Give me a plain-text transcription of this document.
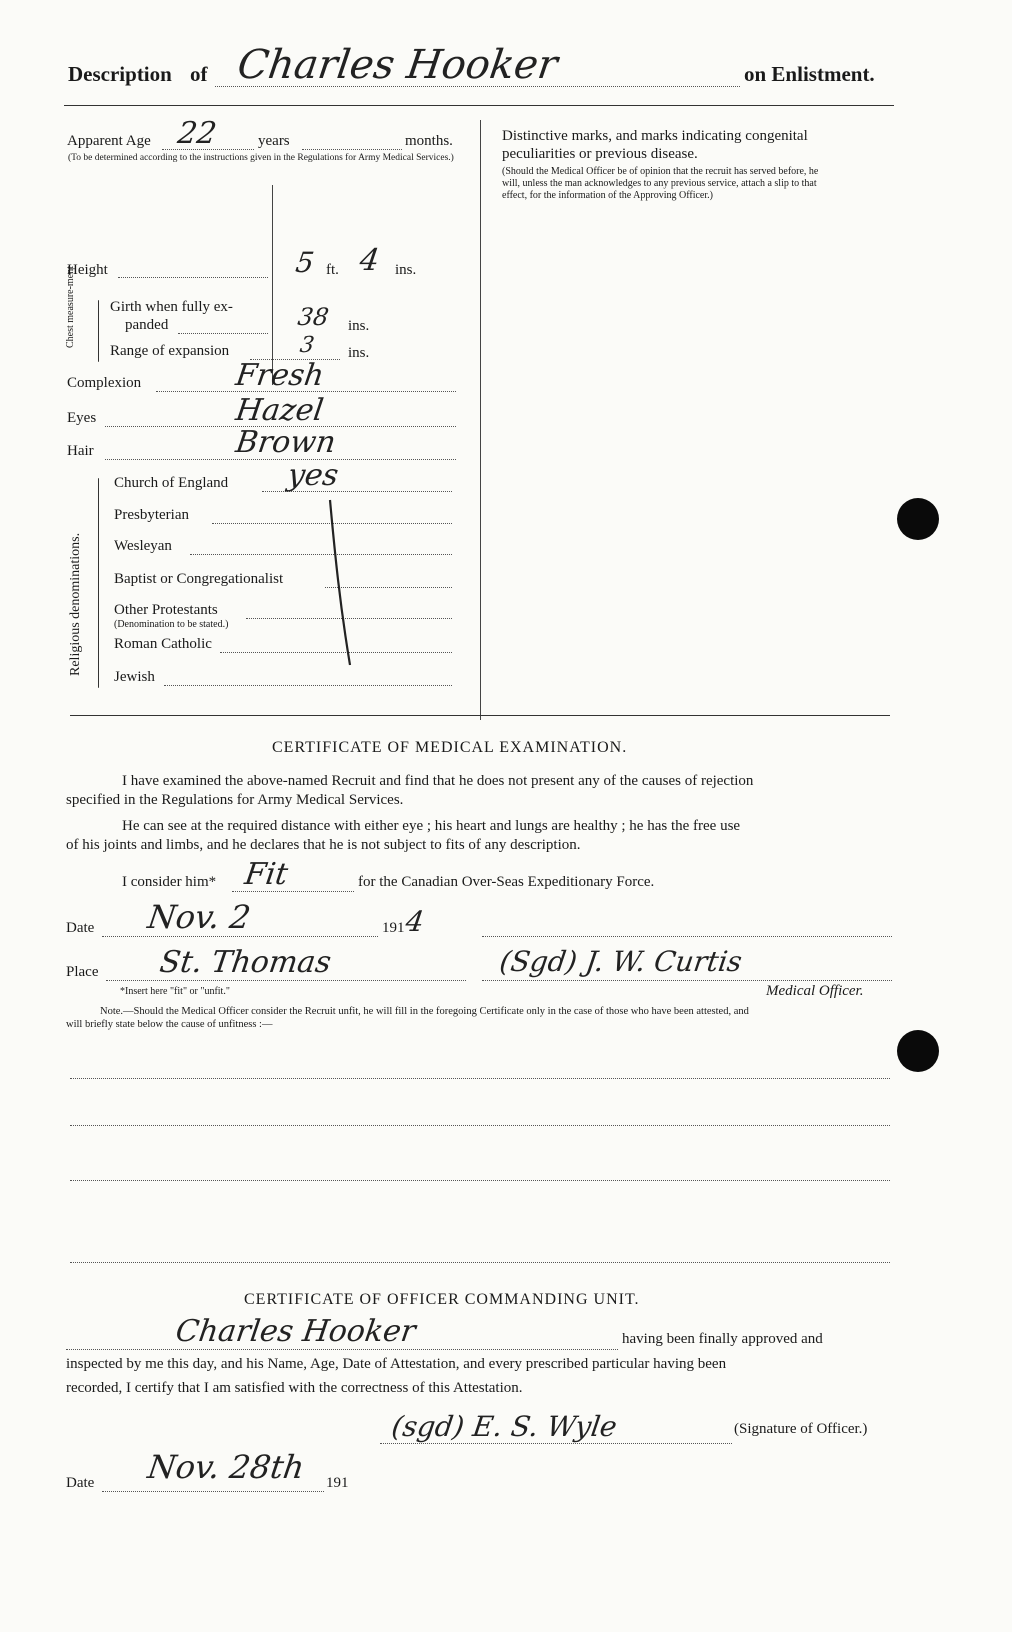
Description of Charles Hooker	on Enlistment.
Apparent Age 22	years	months.
(To be determined according to the instructions given in the Regulations for Army Medical Services.)
Height	5 ft. 4 ins.
Chest measure-ment Girth when fully ex-
panded	38 ins.
Range of expansion	3 ins.
Complexion	Fresh
Eyes	Hazel
Hair	Brown
Religious denominations.
Church of England yes
Presbyterian
Wesleyan
Baptist or Congregationalist
Other Protestants
(Denomination to be stated.)
Roman Catholic
Jewish
Distinctive marks, and marks indicating congenital
peculiarities or previous disease.
(Should the Medical Officer be of opinion that the recruit has served before, he
will, unless the man acknowledges to any previous service, attach a slip to that
effect, for the information of the Approving Officer.)
CERTIFICATE OF MEDICAL EXAMINATION.
I have examined the above-named Recruit and find that he does not present any of the causes of rejection
specified in the Regulations for Army Medical Services.
He can see at the required distance with either eye ; his heart and lungs are healthy ; he has the free use
of his joints and limbs, and he declares that he is not subject to fits of any description.
I consider him* Fit	for the Canadian Over-Seas Expeditionary Force.
Date Nov. 2	191 4
Place St. Thomas	(Sgd) J. W. Curtis
*Insert here "fit" or "unfit."	Medical Officer.
Note.—Should the Medical Officer consider the Recruit unfit, he will fill in the foregoing Certificate only in the case of those who have been attested, and
will briefly state below the cause of unfitness :—
CERTIFICATE OF OFFICER COMMANDING UNIT.
Charles Hooker	having been finally approved and
inspected by me this day, and his Name, Age, Date of Attestation, and every prescribed particular having been
recorded, I certify that I am satisfied with the correctness of this Attestation.
(sgd) E. S. Wyle	(Signature of Officer.)
Date Nov. 28th 191
